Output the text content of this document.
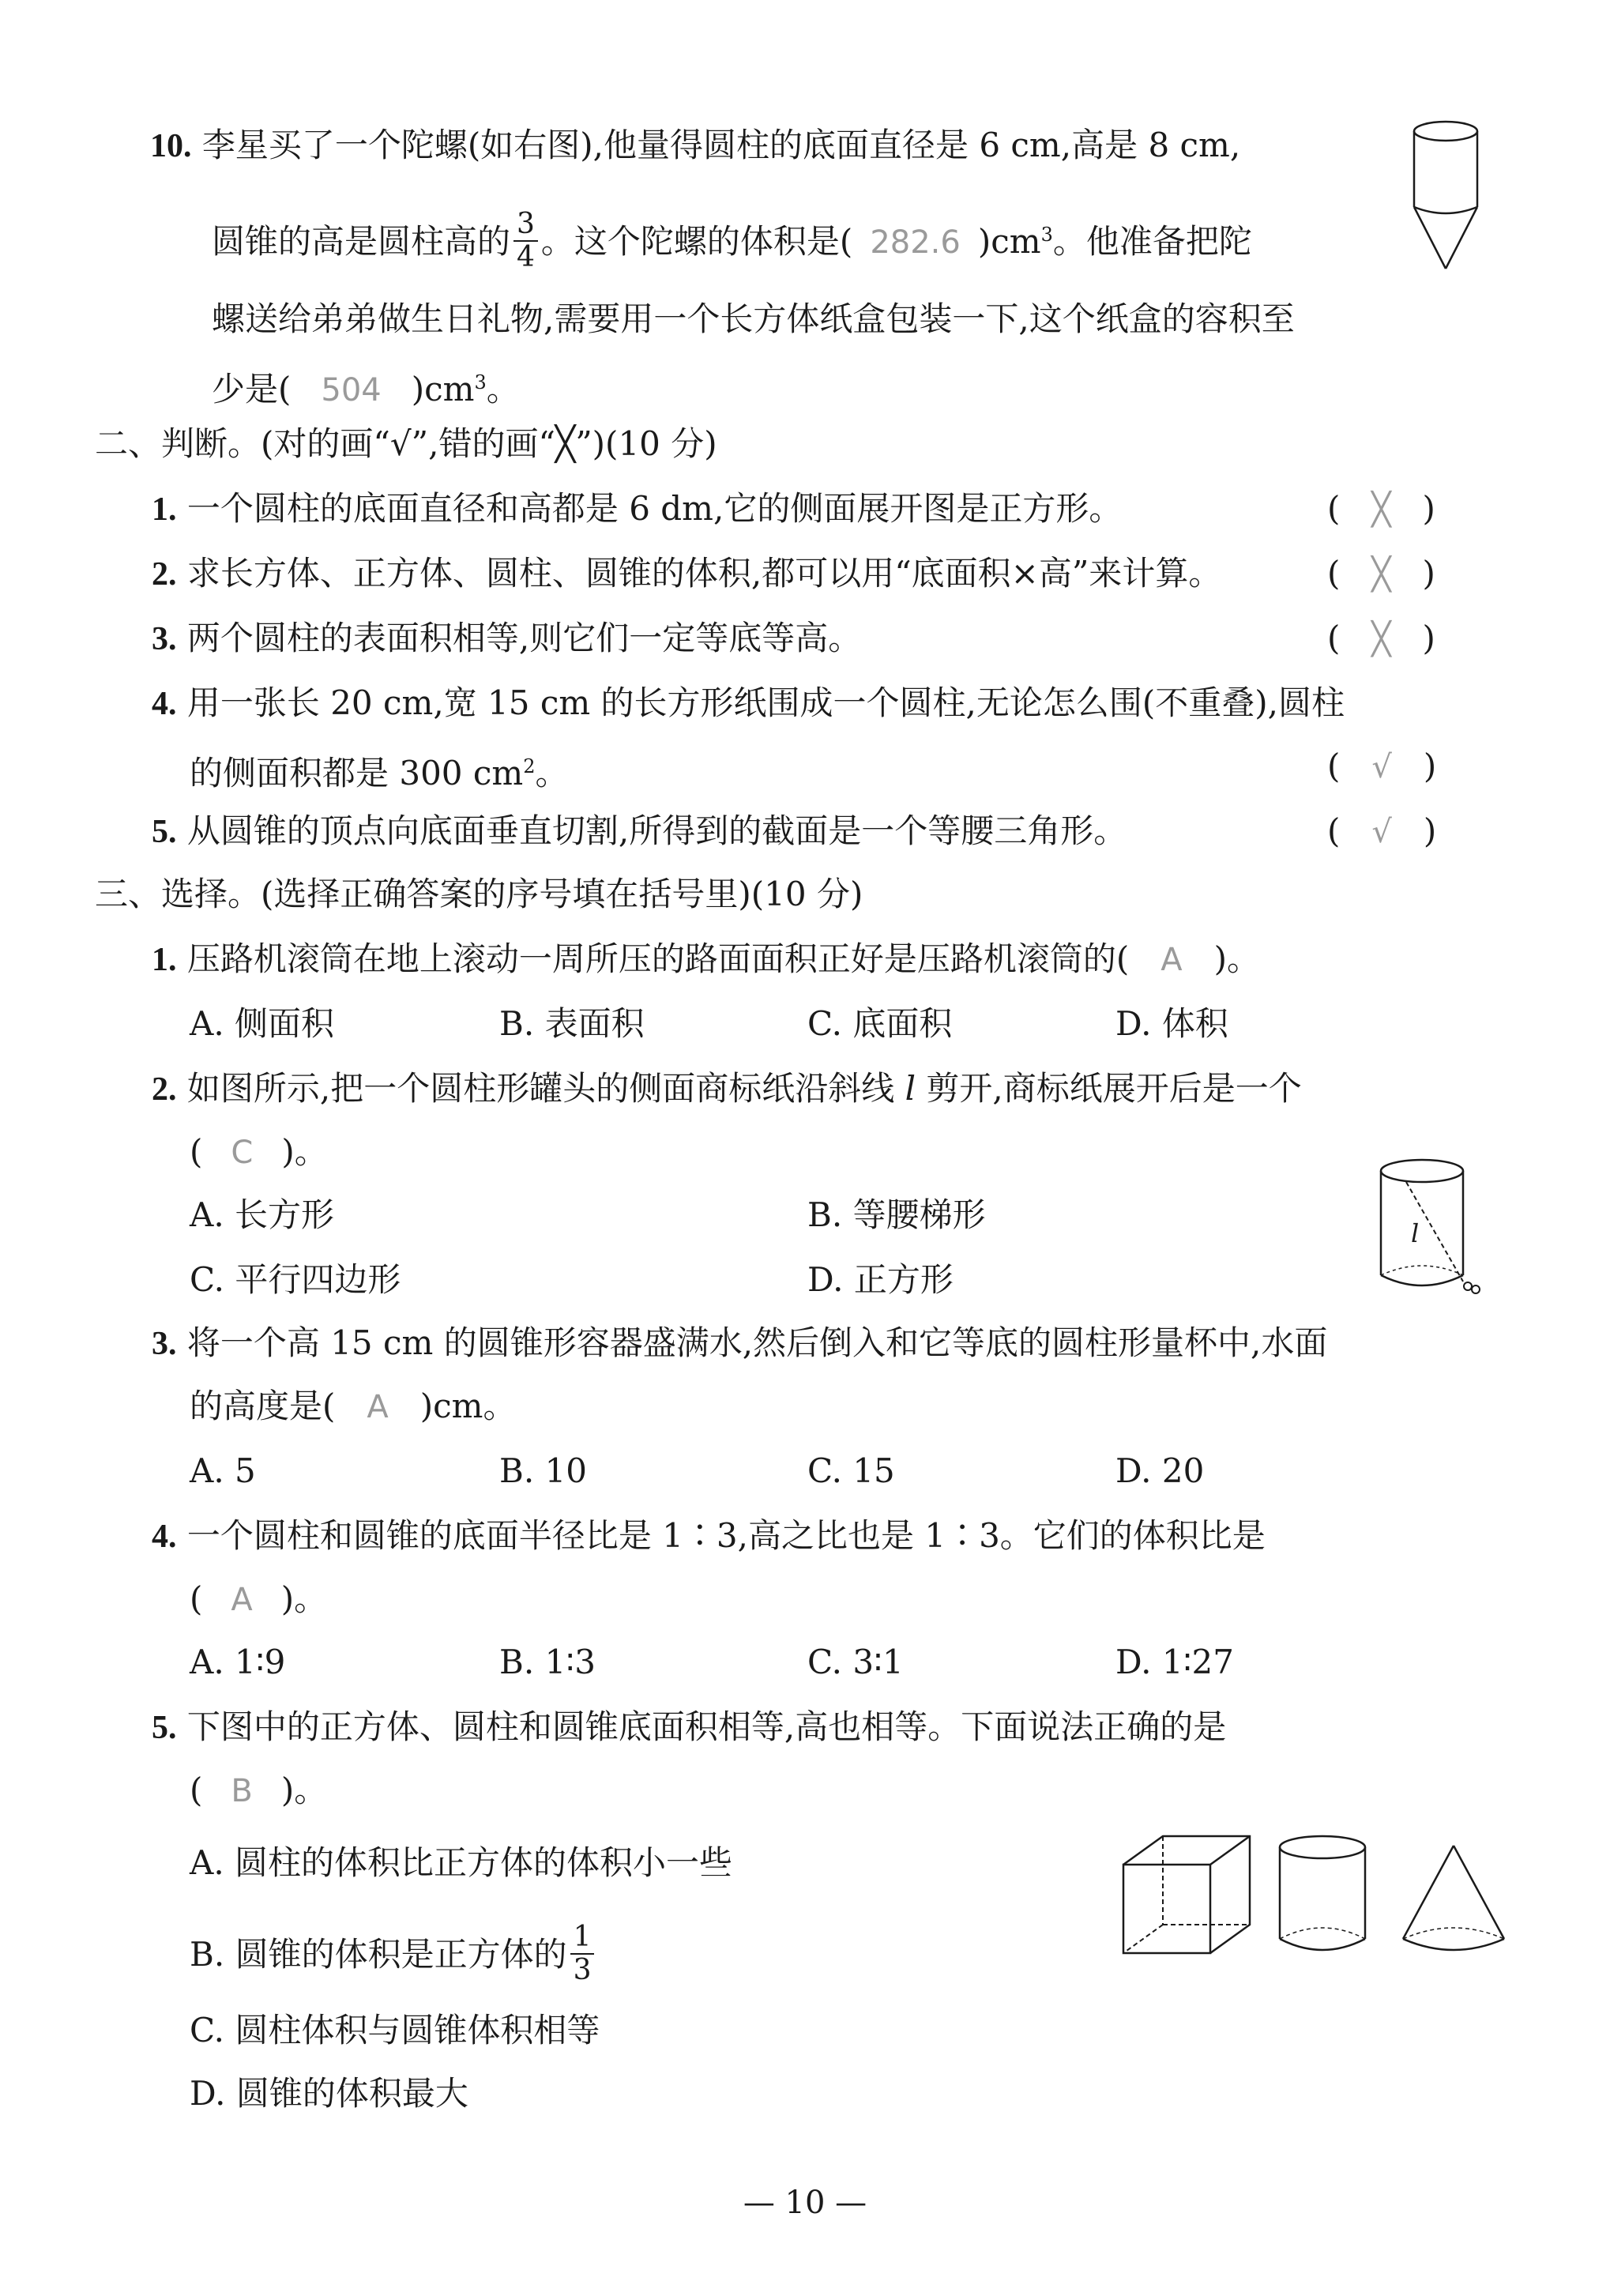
10. 李星买了一个陀螺(如右图),他量得圆柱的底面直径是 6 cm,高是 8 cm,
圆锥的高是圆柱高的 $\frac{3}{4}$ 。这个陀螺的体积是( 282.6 )$cm^3$。他准备把陀
螺送给弟弟做生日礼物,需要用一个长方体纸盒包装一下,这个纸盒的容积至
少是( 504 )$cm^3$。
二、判断。(对的画“√”,错的画“╳”)(10 分)
1. 一个圆柱的底面直径和高都是 6 dm,它的侧面展开图是正方形。	( ╳ )
2. 求长方体、正方体、圆柱、圆锥的体积,都可以用“底面积×高”来计算。	( ╳ )
3. 两个圆柱的表面积相等,则它们一定等底等高。	( ╳ )
4. 用一张长 20 cm,宽 15 cm 的长方形纸围成一个圆柱,无论怎么围(不重叠),圆柱
的侧面积都是 300 $cm^2$。	( √ )
5. 从圆锥的顶点向底面垂直切割,所得到的截面是一个等腰三角形。	( √ )
三、选择。(选择正确答案的序号填在括号里)(10 分)
1. 压路机滚筒在地上滚动一周所压的路面面积正好是压路机滚筒的( A )。
A. 侧面积	B. 表面积	C. 底面积	D. 体积
2. 如图所示,把一个圆柱形罐头的侧面商标纸沿斜线 l 剪开,商标纸展开后是一个
( C )。
A. 长方形	B. 等腰梯形
C. 平行四边形	D. 正方形
l
3. 将一个高 15 cm 的圆锥形容器盛满水,然后倒入和它等底的圆柱形量杯中,水面
的高度是( A )cm。
A. 5	B. 10	C. 15	D. 20
4. 一个圆柱和圆锥的底面半径比是 1∶3,高之比也是 1∶3。它们的体积比是
( A )。
A. 1∶9	B. 1∶3	C. 3∶1	D. 1∶27
5. 下图中的正方体、圆柱和圆锥底面积相等,高也相等。下面说法正确的是
( B )。
A. 圆柱的体积比正方体的体积小一些
B. 圆锥的体积是正方体的 $\frac{1}{3}$
C. 圆柱体积与圆锥体积相等
D. 圆锥的体积最大
— 10 —
